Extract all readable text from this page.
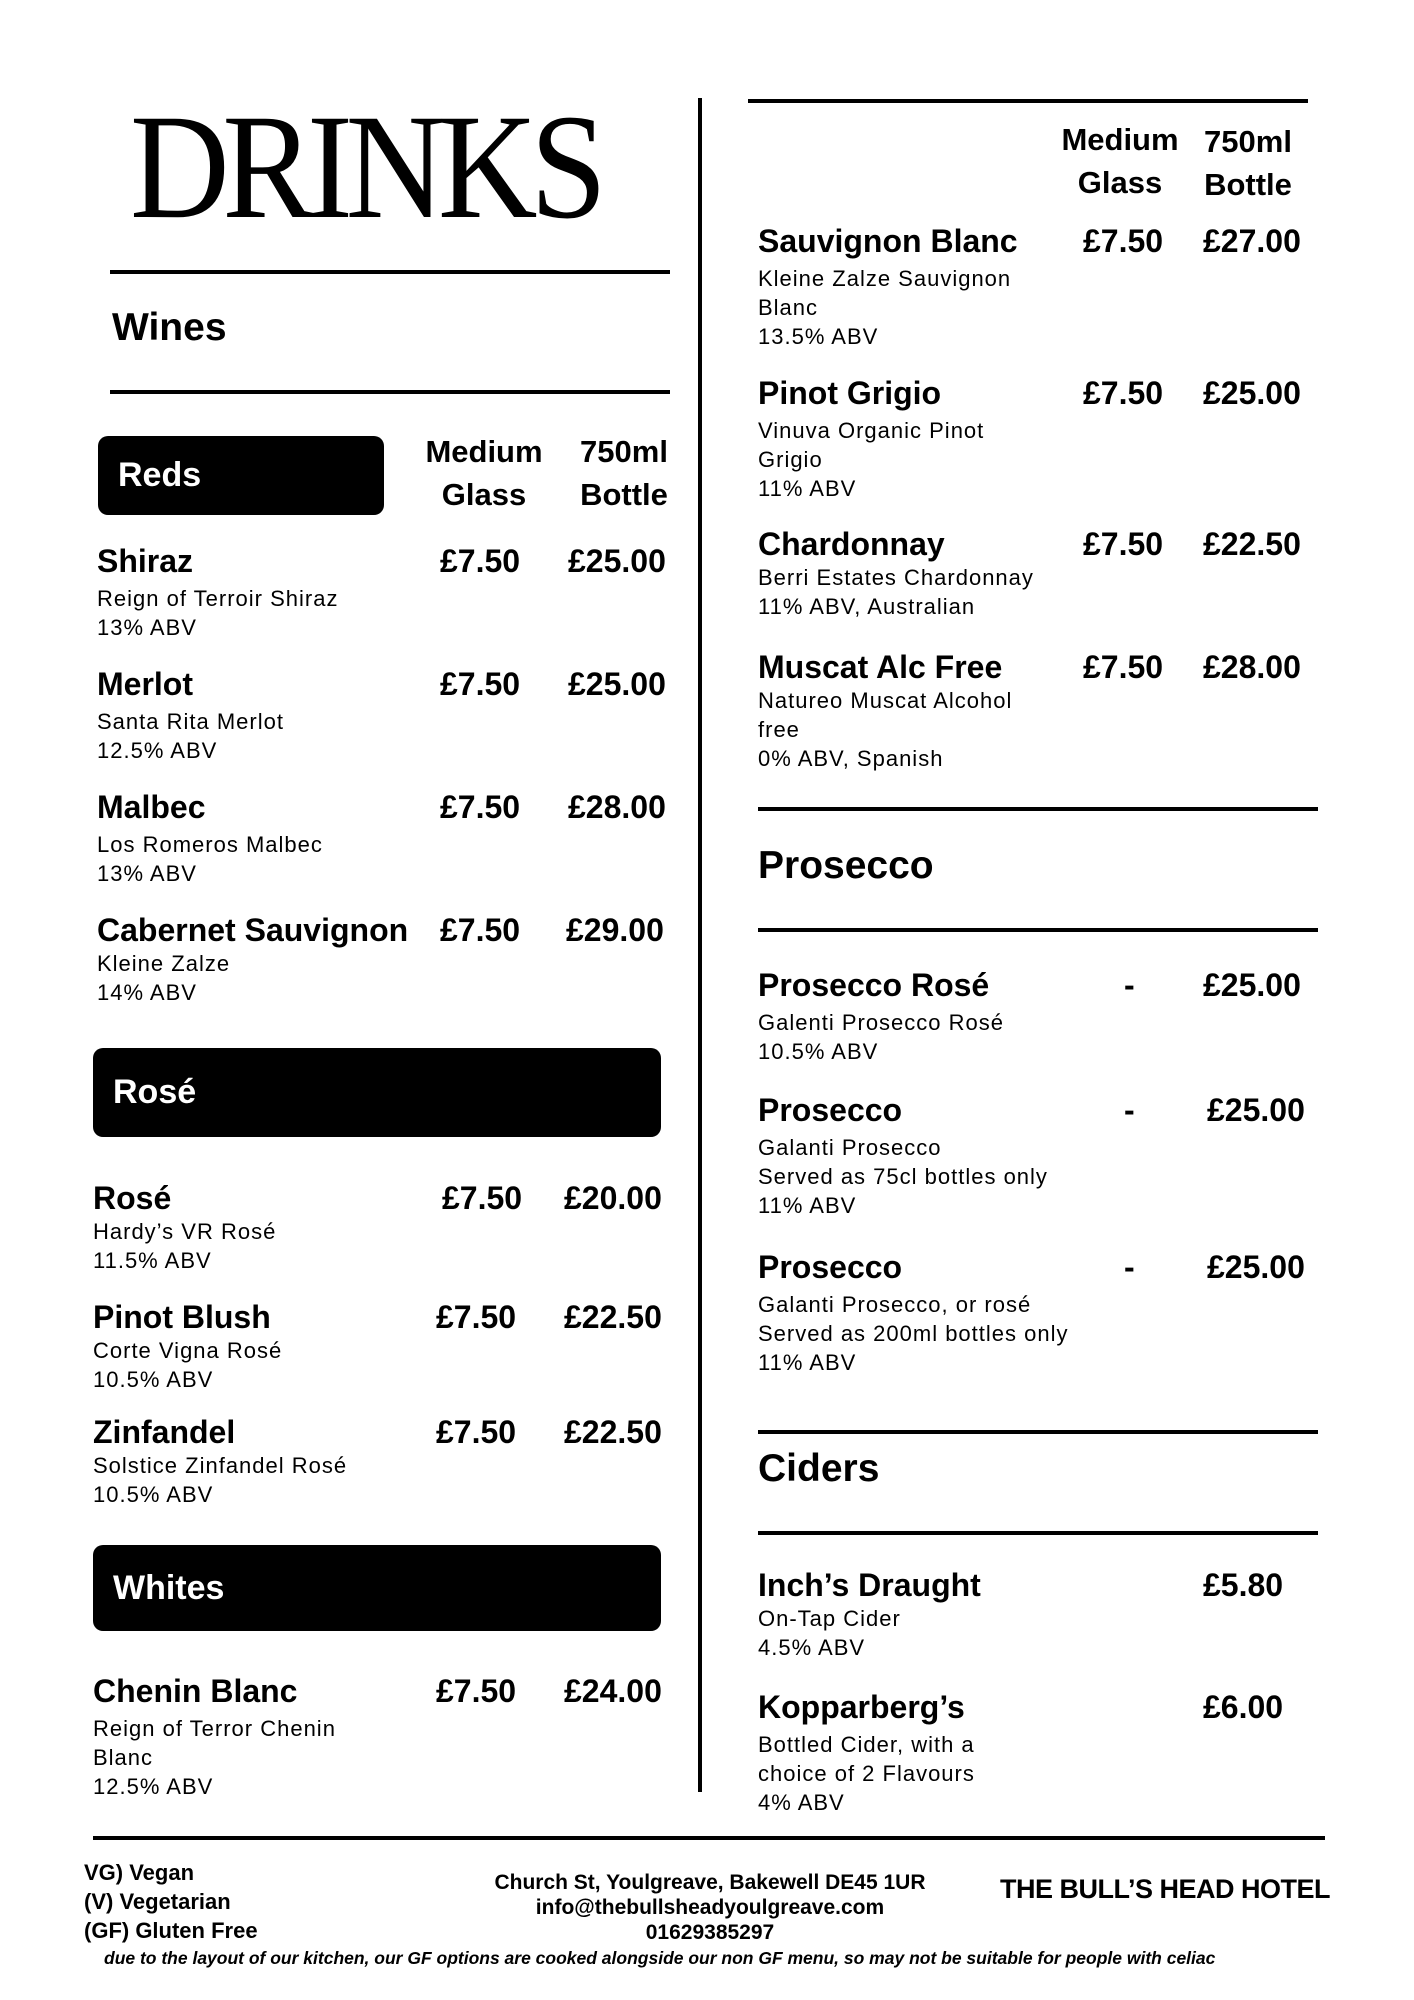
DRINKS
Wines
Reds
Medium
Glass
750ml
Bottle
Shiraz
Reign of Terroir Shiraz
13% ABV
£7.50 £25.00
Merlot
Santa Rita Merlot
12.5% ABV
£7.50 £25.00
Malbec
Los Romeros Malbec
13% ABV
£7.50 £28.00
Cabernet Sauvignon
Kleine Zalze
14% ABV
£7.50 £29.00
Rosé
Rosé
Hardy’s VR Rosé
11.5% ABV
£7.50 £20.00
Pinot Blush
Corte Vigna Rosé
10.5% ABV
£7.50 £22.50
Zinfandel
Solstice Zinfandel Rosé
10.5% ABV
£7.50 £22.50
Whites
Chenin Blanc
Reign of Terror Chenin
Blanc
12.5% ABV
£7.50 £24.00
Medium
Glass
750ml
Bottle
Sauvignon Blanc
Kleine Zalze Sauvignon
Blanc
13.5% ABV
£7.50 £27.00
Pinot Grigio
Vinuva Organic Pinot
Grigio
11% ABV
£7.50 £25.00
Chardonnay
Berri Estates Chardonnay
11% ABV, Australian
£7.50 £22.50
Muscat Alc Free
Natureo Muscat Alcohol
free
0% ABV, Spanish
£7.50 £28.00
Prosecco
Prosecco Rosé
Galenti Prosecco Rosé
10.5% ABV
- £25.00
Prosecco
Galanti Prosecco
Served as 75cl bottles only
11% ABV
- £25.00
Prosecco
Galanti Prosecco, or rosé
Served as 200ml bottles only
11% ABV
- £25.00
Ciders
Inch’s Draught
On-Tap Cider
4.5% ABV
£5.80
Kopparberg’s
Bottled Cider, with a
choice of 2 Flavours
4% ABV
£6.00
VG) Vegan
(V) Vegetarian
(GF) Gluten Free
Church St, Youlgreave, Bakewell DE45 1UR
info@thebullsheadyoulgreave.com
01629385297
THE BULL’S HEAD HOTEL
due to the layout of our kitchen, our GF options are cooked alongside our non GF menu, so may not be suitable for people with celiac
